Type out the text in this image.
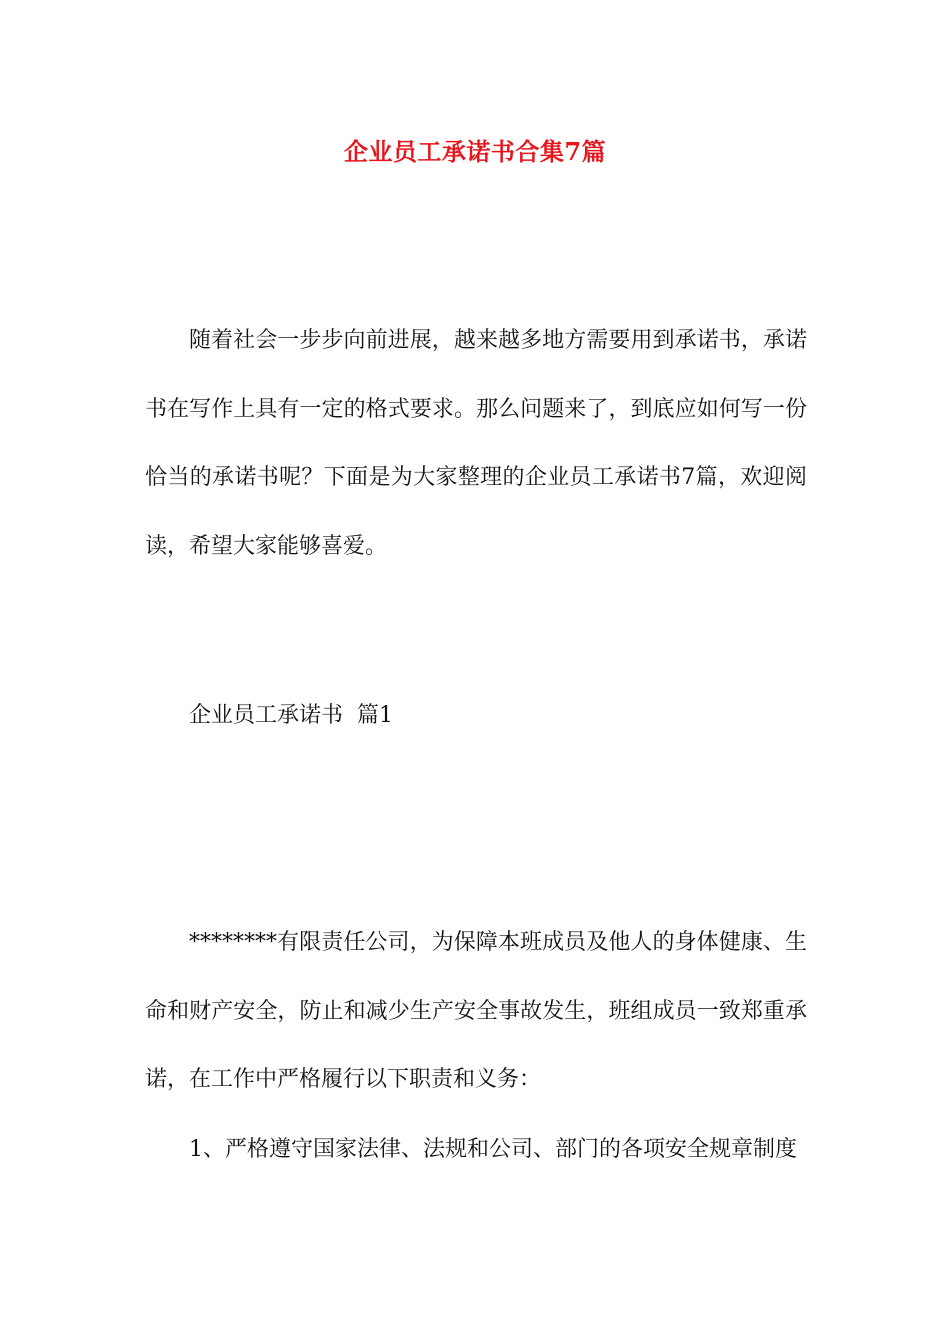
企业员工承诺书合集7篇

随着社会一步步向前进展，越来越多地方需要用到承诺书，承诺书在写作上具有一定的格式要求。那么问题来了，到底应如何写一份恰当的承诺书呢？下面是为大家整理的企业员工承诺书7篇，欢迎阅读，希望大家能够喜爱。

企业员工承诺书  篇1

********有限责任公司，为保障本班成员及他人的身体健康、生命和财产安全，防止和减少生产安全事故发生，班组成员一致郑重承诺，在工作中严格履行以下职责和义务：

1、严格遵守国家法律、法规和公司、部门的各项安全规章制度
